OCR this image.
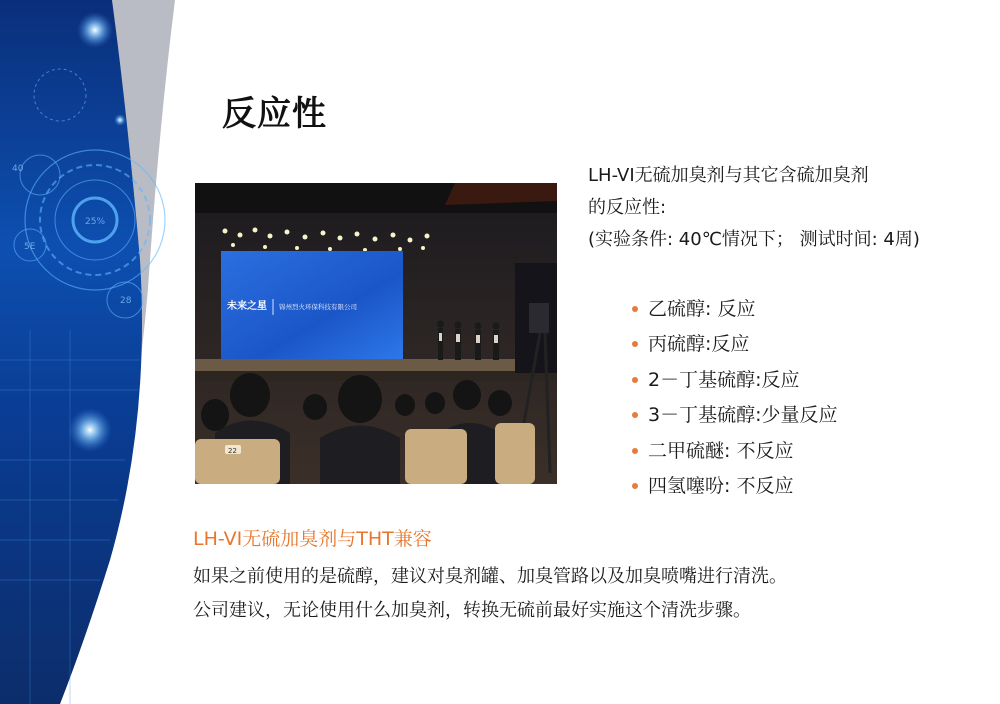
25%
40
28
5E
反应性
未来之星 锦州烈火环保科技有限公司
22
LH-VI无硫加臭剂与其它含硫加臭剂
的反应性:
(实验条件: 40℃情况下； 测试时间: 4周)
乙硫醇: 反应
丙硫醇:反应
2－丁基硫醇:反应
3－丁基硫醇:少量反应
二甲硫醚: 不反应
四氢噻吩: 不反应
LH-VI无硫加臭剂与THT兼容
如果之前使用的是硫醇，建议对臭剂罐、加臭管路以及加臭喷嘴进行清洗。
公司建议，无论使用什么加臭剂，转换无硫前最好实施这个清洗步骤。
